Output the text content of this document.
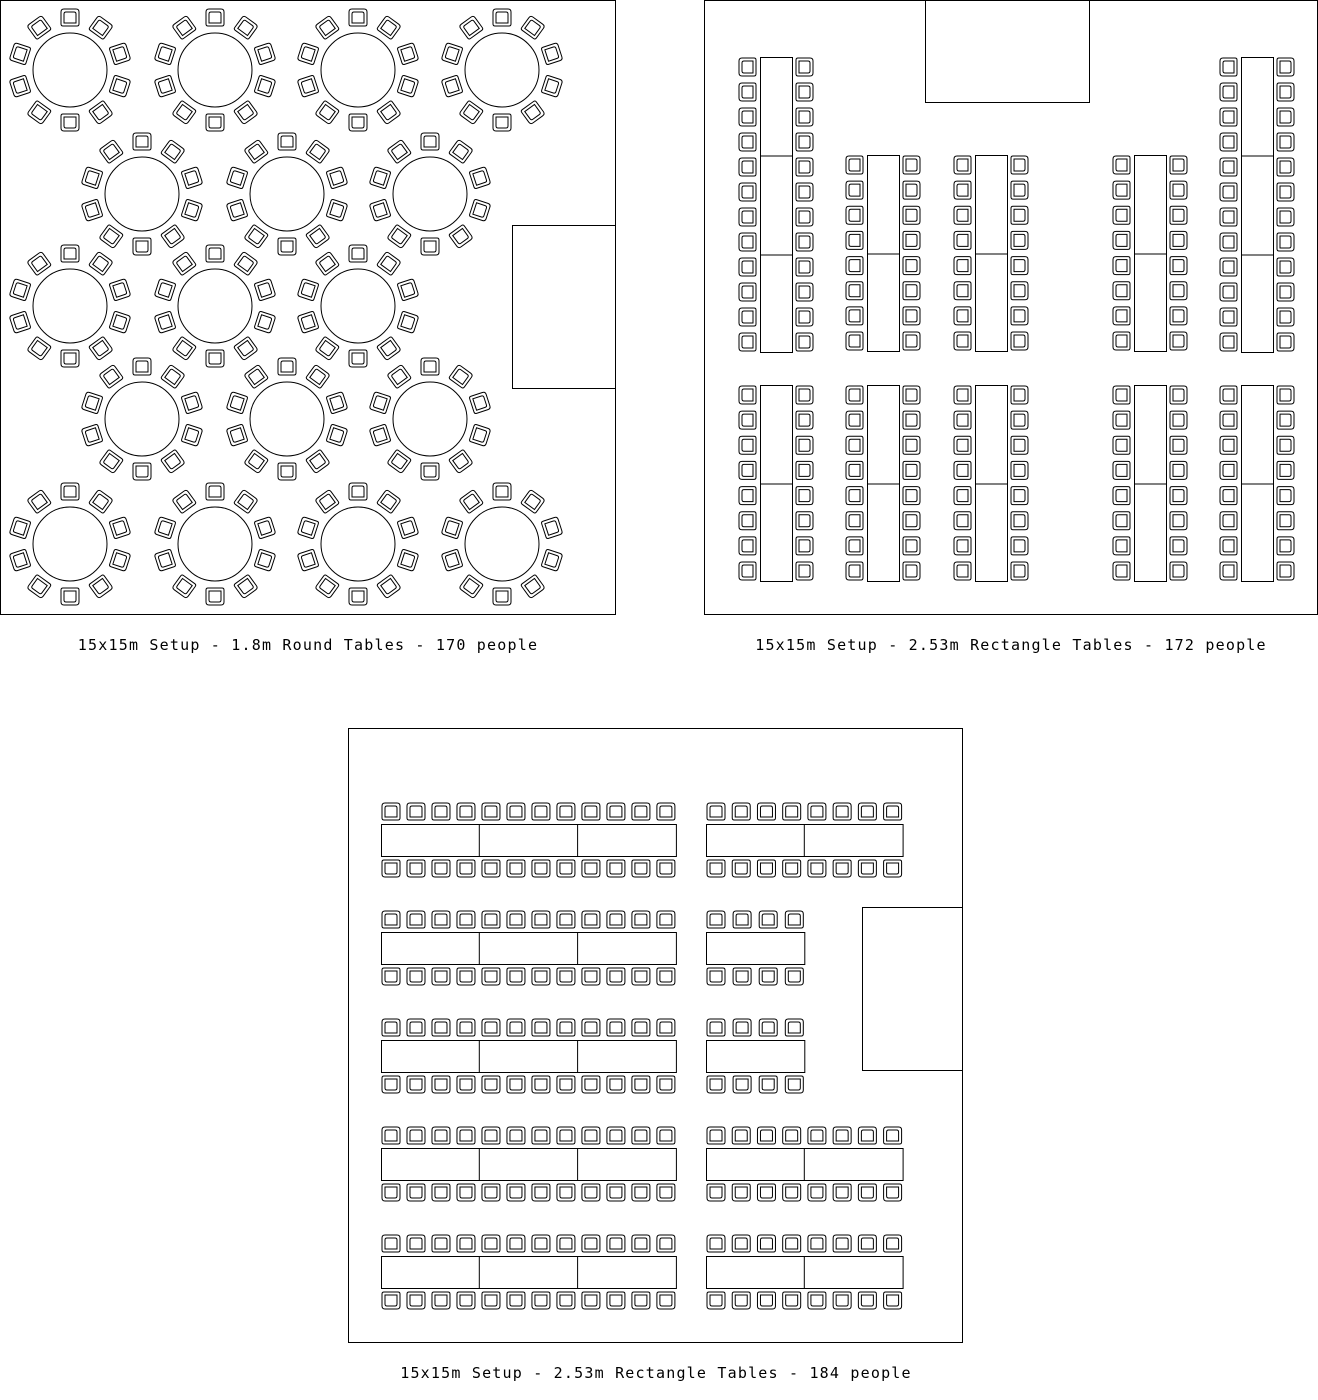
15x15m Setup - 1.8m Round Tables - 170 people	15x15m Setup - 2.53m Rectangle Tables - 172 people
15x15m Setup - 2.53m Rectangle Tables - 184 people
